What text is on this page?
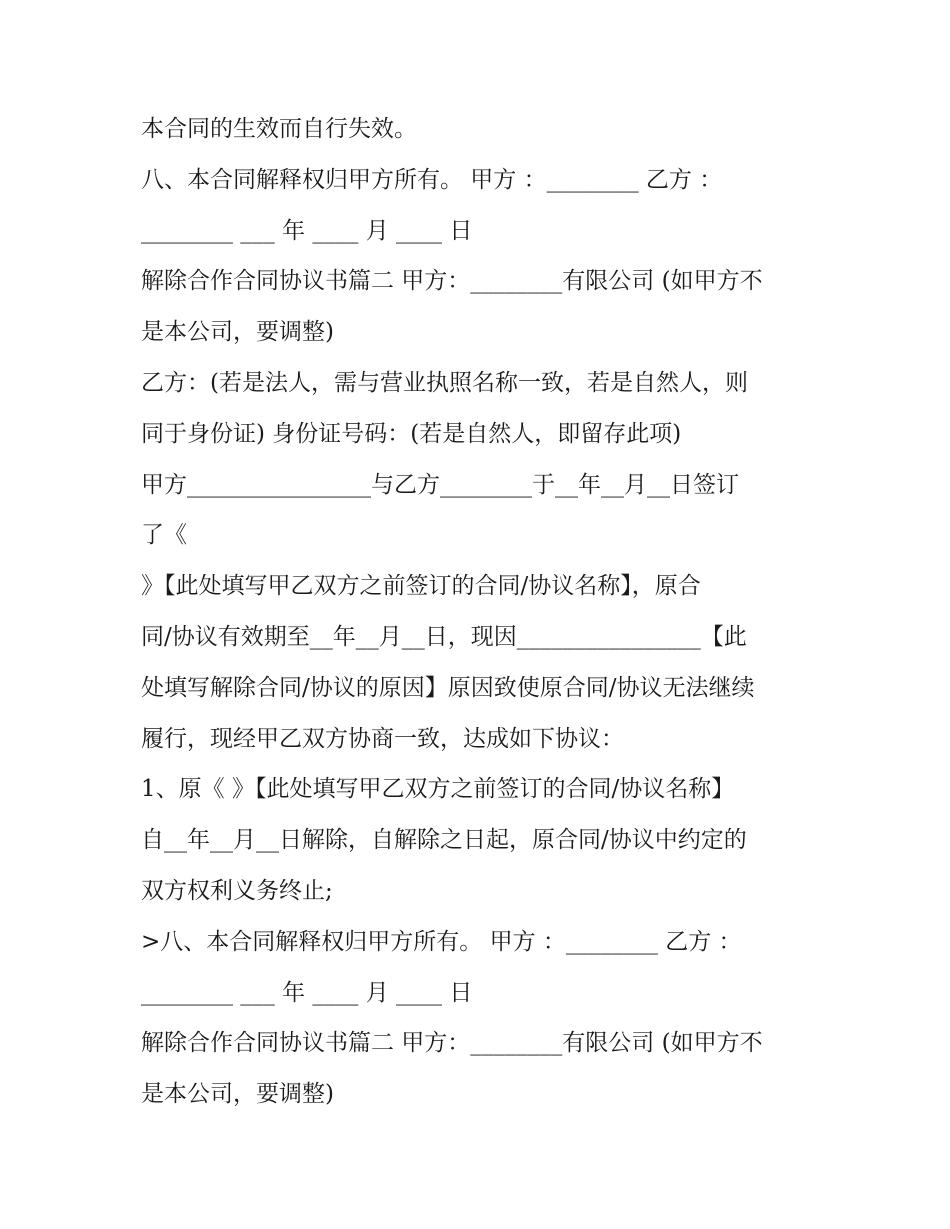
本合同的生效而自行失效。
八、本合同解释权归甲方所有。 甲方 ：________ 乙方 ：
________ ___ 年 ____ 月 ____ 日
解除合作合同协议书篇二 甲方：________有限公司 (如甲方不
是本公司，要调整)
乙方：(若是法人，需与营业执照名称一致，若是自然人，则
同于身份证) 身份证号码：(若是自然人，即留存此项)
甲方________________与乙方________于__年__月__日签订
了《
》【此处填写甲乙双方之前签订的合同/协议名称】，原合
同/协议有效期至__年__月__日，现因________________【此
处填写解除合同/协议的原因】原因致使原合同/协议无法继续
履行，现经甲乙双方协商一致，达成如下协议：
1、原《 》【此处填写甲乙双方之前签订的合同/协议名称】
自__年__月__日解除，自解除之日起，原合同/协议中约定的
双方权利义务终止;
>八、本合同解释权归甲方所有。 甲方 ：________ 乙方 ：
________ ___ 年 ____ 月 ____ 日
解除合作合同协议书篇二 甲方：________有限公司 (如甲方不
是本公司，要调整)
